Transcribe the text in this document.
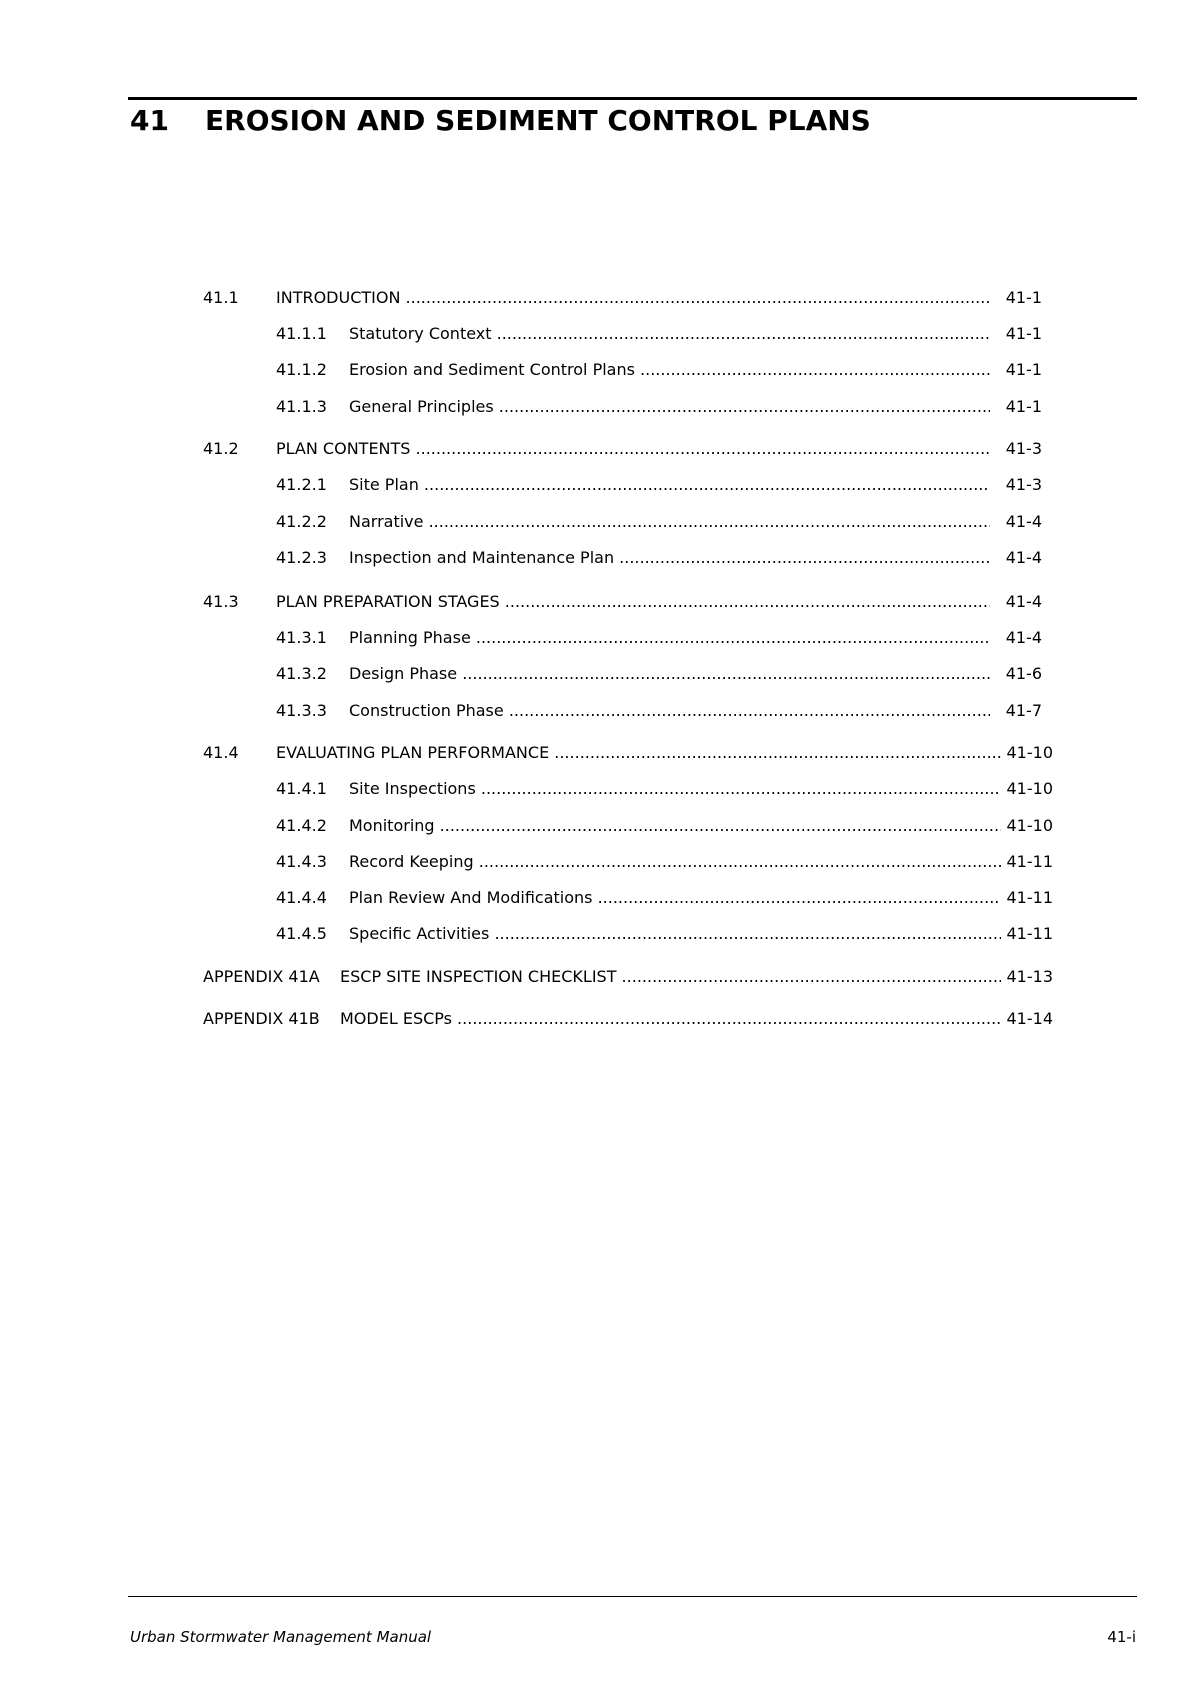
41 EROSION AND SEDIMENT CONTROL PLANS
41.1 INTRODUCTION .....	41-1
41.1.1 Statutory Context .....	41-1
41.1.2 Erosion and Sediment Control Plans .....	41-1
41.1.3 General Principles .....	41-1
41.2 PLAN CONTENTS .....	41-3
41.2.1 Site Plan .....	41-3
41.2.2 Narrative .....	41-4
41.2.3 Inspection and Maintenance Plan .....	41-4
41.3 PLAN PREPARATION STAGES .....	41-4
41.3.1 Planning Phase .....	41-4
41.3.2 Design Phase .....	41-6
41.3.3 Construction Phase .....	41-7
41.4 EVALUATING PLAN PERFORMANCE .....	41-10
41.4.1 Site Inspections .....	41-10
41.4.2 Monitoring .....	41-10
41.4.3 Record Keeping .....	41-11
41.4.4 Plan Review And Modifications .....	41-11
41.4.5 Specific Activities .....	41-11
APPENDIX 41A ESCP SITE INSPECTION CHECKLIST .....	41-13
APPENDIX 41B MODEL ESCPs .....	41-14
Urban Stormwater Management Manual	41-i
